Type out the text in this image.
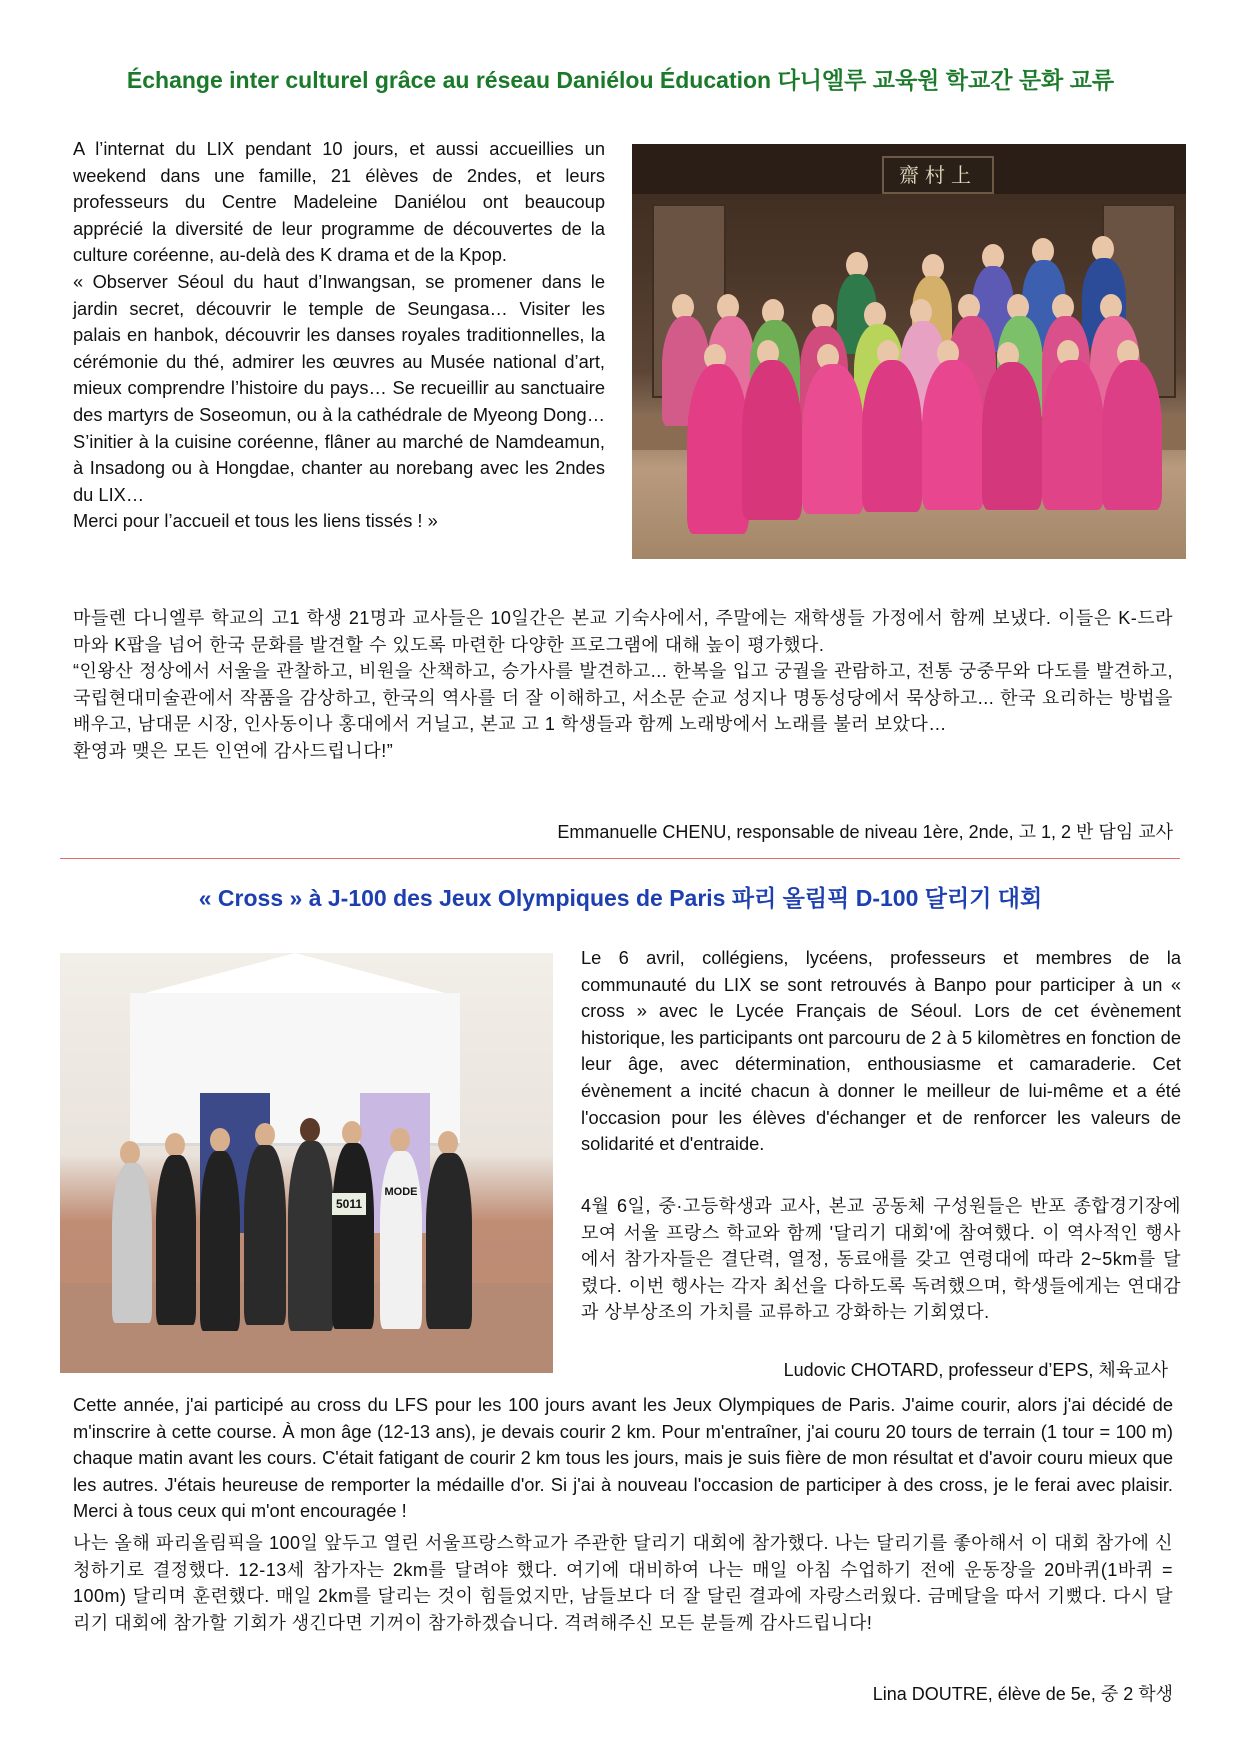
Échange inter culturel grâce au réseau Daniélou Éducation 다니엘루 교육원 학교간 문화 교류

A l’internat du LIX pendant 10 jours, et aussi accueillies un weekend dans une famille, 21 élèves de 2ndes, et leurs professeurs du Centre Madeleine Daniélou ont beaucoup apprécié la diversité de leur programme de découvertes de la culture coréenne, au-delà des K drama et de la Kpop.

« Observer Séoul du haut d’Inwangsan, se promener dans le jardin secret, découvrir le temple de Seungasa… Visiter les palais en hanbok, découvrir les danses royales traditionnelles, la cérémonie du thé, admirer les œuvres au Musée national d’art, mieux comprendre l’histoire du pays… Se recueillir au sanctuaire des martyrs de Soseomun, ou à la cathédrale de Myeong Dong… S’initier à la cuisine coréenne, flâner au marché de Namdeamun, à Insadong ou à Hongdae, chanter au norebang avec les 2ndes du LIX…

Merci pour l’accueil et tous les liens tissés ! »

齋村上

마들렌 다니엘루 학교의 고1 학생 21명과 교사들은 10일간은 본교 기숙사에서, 주말에는 재학생들 가정에서 함께 보냈다. 이들은 K-드라마와 K팝을 넘어 한국 문화를 발견할 수 있도록 마련한 다양한 프로그램에 대해 높이 평가했다.

“인왕산 정상에서 서울을 관찰하고, 비원을 산책하고, 승가사를 발견하고... 한복을 입고 궁궐을 관람하고, 전통 궁중무와 다도를 발견하고, 국립현대미술관에서 작품을 감상하고, 한국의 역사를 더 잘 이해하고, 서소문 순교 성지나 명동성당에서 묵상하고... 한국 요리하는 방법을 배우고, 남대문 시장, 인사동이나 홍대에서 거닐고, 본교 고 1 학생들과 함께 노래방에서 노래를 불러 보았다…

환영과 맺은 모든 인연에 감사드립니다!”

Emmanuelle CHENU, responsable de niveau 1ère, 2nde, 고 1, 2 반 담임 교사
« Cross » à J-100 des Jeux Olympiques de Paris 파리 올림픽 D-100 달리기 대회
5011
MODE

Le 6 avril, collégiens, lycéens, professeurs et membres de la communauté du LIX se sont retrouvés à Banpo pour participer à un « cross » avec le Lycée Français de Séoul. Lors de cet évènement historique, les participants ont parcouru de 2 à 5 kilomètres en fonction de leur âge, avec détermination, enthousiasme et camaraderie. Cet évènement a incité chacun à donner le meilleur de lui-même et a été l'occasion pour les élèves d'échanger et de renforcer les valeurs de solidarité et d'entraide.

4월 6일, 중·고등학생과 교사, 본교 공동체 구성원들은 반포 종합경기장에 모여 서울 프랑스 학교와 함께 '달리기 대회'에 참여했다. 이 역사적인 행사에서 참가자들은 결단력, 열정, 동료애를 갖고 연령대에 따라 2~5km를 달렸다. 이번 행사는 각자 최선을 다하도록 독려했으며, 학생들에게는 연대감과 상부상조의 가치를 교류하고 강화하는 기회였다.

Ludovic CHOTARD, professeur d’EPS, 체육교사

Cette année, j'ai participé au cross du LFS pour les 100 jours avant les Jeux Olympiques de Paris. J'aime courir, alors j'ai décidé de m'inscrire à cette course. À mon âge (12-13 ans), je devais courir 2 km. Pour m'entraîner, j'ai couru 20 tours de terrain (1 tour = 100 m) chaque matin avant les cours. C'était fatigant de courir 2 km tous les jours, mais je suis fière de mon résultat et d'avoir couru mieux que les autres. J'étais heureuse de remporter la médaille d'or. Si j'ai à nouveau l'occasion de participer à des cross, je le ferai avec plaisir. Merci à tous ceux qui m'ont encouragée !

나는 올해 파리올림픽을 100일 앞두고 열린 서울프랑스학교가 주관한 달리기 대회에 참가했다. 나는 달리기를 좋아해서 이 대회 참가에 신청하기로 결정했다. 12-13세 참가자는 2km를 달려야 했다. 여기에 대비하여 나는 매일 아침 수업하기 전에 운동장을 20바퀴(1바퀴 = 100m) 달리며 훈련했다. 매일 2km를 달리는 것이 힘들었지만, 남들보다 더 잘 달린 결과에 자랑스러웠다. 금메달을 따서 기뻤다. 다시 달리기 대회에 참가할 기회가 생긴다면 기꺼이 참가하겠습니다. 격려해주신 모든 분들께 감사드립니다!

Lina DOUTRE, élève de 5e, 중 2 학생
